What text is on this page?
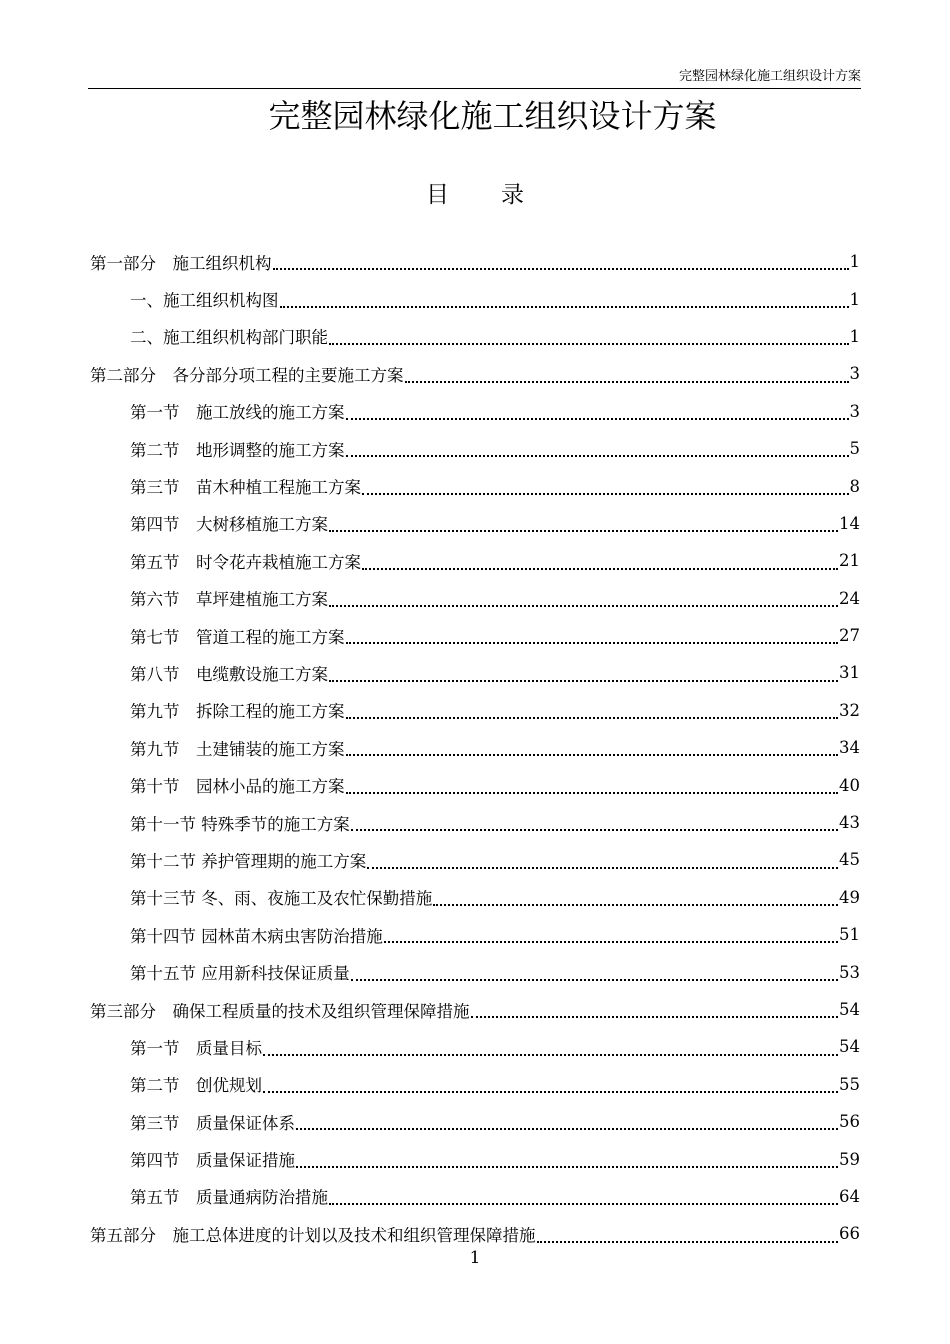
完整园林绿化施工组织设计方案
完整园林绿化施工组织设计方案
目 录
第一部分　施工组织机构	1
一、施工组织机构图	1
二、施工组织机构部门职能	1
第二部分　各分部分项工程的主要施工方案	3
第一节　施工放线的施工方案	3
第二节　地形调整的施工方案	5
第三节　苗木种植工程施工方案	8
第四节　大树移植施工方案	14
第五节　时令花卉栽植施工方案	21
第六节　草坪建植施工方案	24
第七节　管道工程的施工方案	27
第八节　电缆敷设施工方案	31
第九节　拆除工程的施工方案	32
第九节　土建铺装的施工方案	34
第十节　园林小品的施工方案	40
第十一节 特殊季节的施工方案	43
第十二节 养护管理期的施工方案	45
第十三节 冬、雨、夜施工及农忙保勤措施	49
第十四节 园林苗木病虫害防治措施	51
第十五节 应用新科技保证质量	53
第三部分　确保工程质量的技术及组织管理保障措施	54
第一节　质量目标	54
第二节　创优规划	55
第三节　质量保证体系	56
第四节　质量保证措施	59
第五节　质量通病防治措施	64
第五部分　施工总体进度的计划以及技术和组织管理保障措施	66
1
